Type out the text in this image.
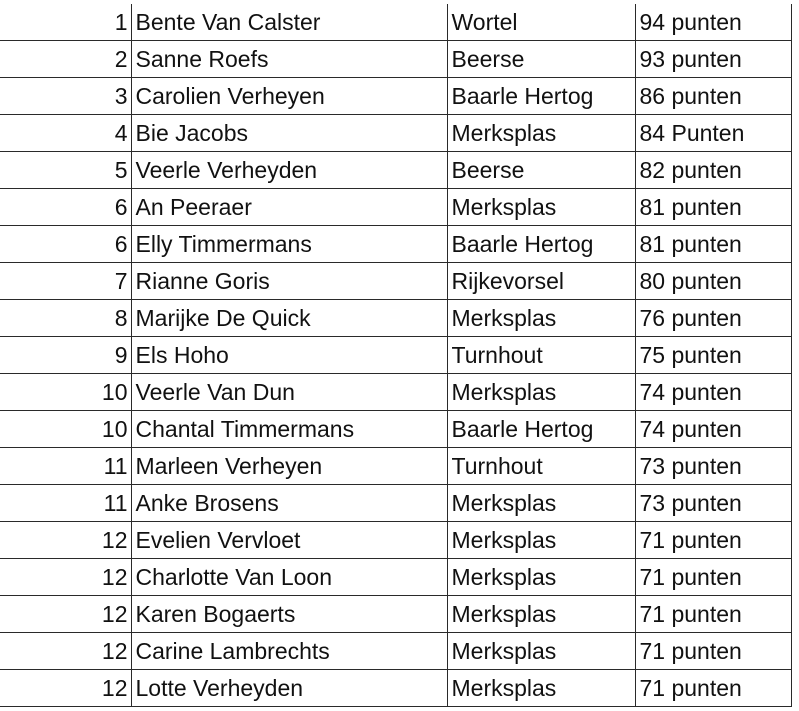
1	Bente Van Calster	Wortel	94 punten
2	Sanne Roefs	Beerse	93 punten
3	Carolien Verheyen	Baarle Hertog	86 punten
4	Bie Jacobs	Merksplas	84 Punten
5	Veerle Verheyden	Beerse	82 punten
6	An Peeraer	Merksplas	81 punten
6	Elly Timmermans	Baarle Hertog	81 punten
7	Rianne Goris	Rijkevorsel	80 punten
8	Marijke De Quick	Merksplas	76 punten
9	Els Hoho	Turnhout	75 punten
10	Veerle Van Dun	Merksplas	74 punten
10	Chantal Timmermans	Baarle Hertog	74 punten
11	Marleen Verheyen	Turnhout	73 punten
11	Anke Brosens	Merksplas	73 punten
12	Evelien Vervloet	Merksplas	71 punten
12	Charlotte Van Loon	Merksplas	71 punten
12	Karen Bogaerts	Merksplas	71 punten
12	Carine Lambrechts	Merksplas	71 punten
12	Lotte Verheyden	Merksplas	71 punten
